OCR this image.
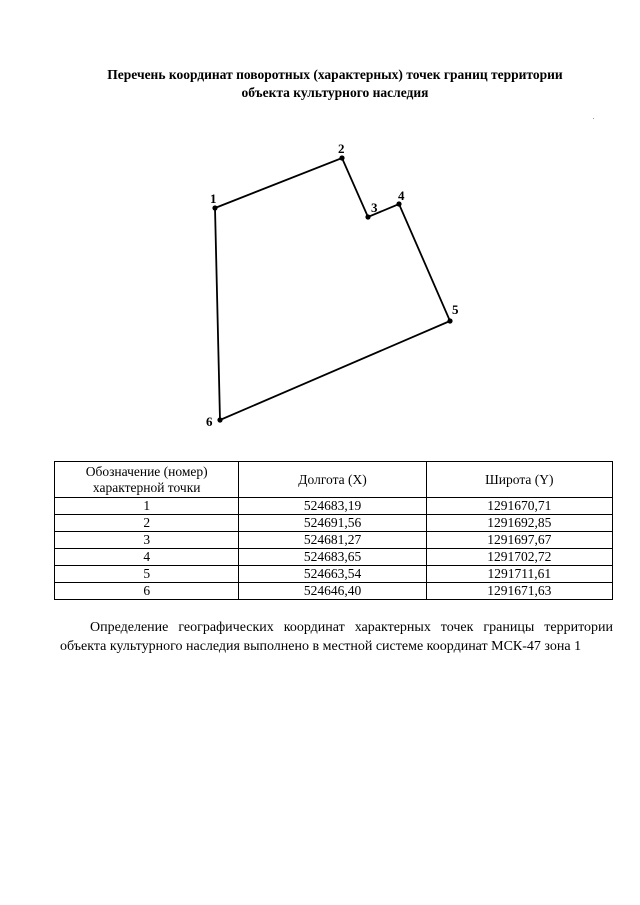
Перечень координат поворотных (характерных) точек границ территории
объекта культурного наследия
1
2
3
4
5
6
Обозначение (номер) характерной точки	Долгота (X)	Широта (Y)
1	524683,19	1291670,71
2	524691,56	1291692,85
3	524681,27	1291697,67
4	524683,65	1291702,72
5	524663,54	1291711,61
6	524646,40	1291671,63

Определение географических координат характерных точек границы территории объекта культурного наследия выполнено в местной системе координат МСК-47 зона 1
